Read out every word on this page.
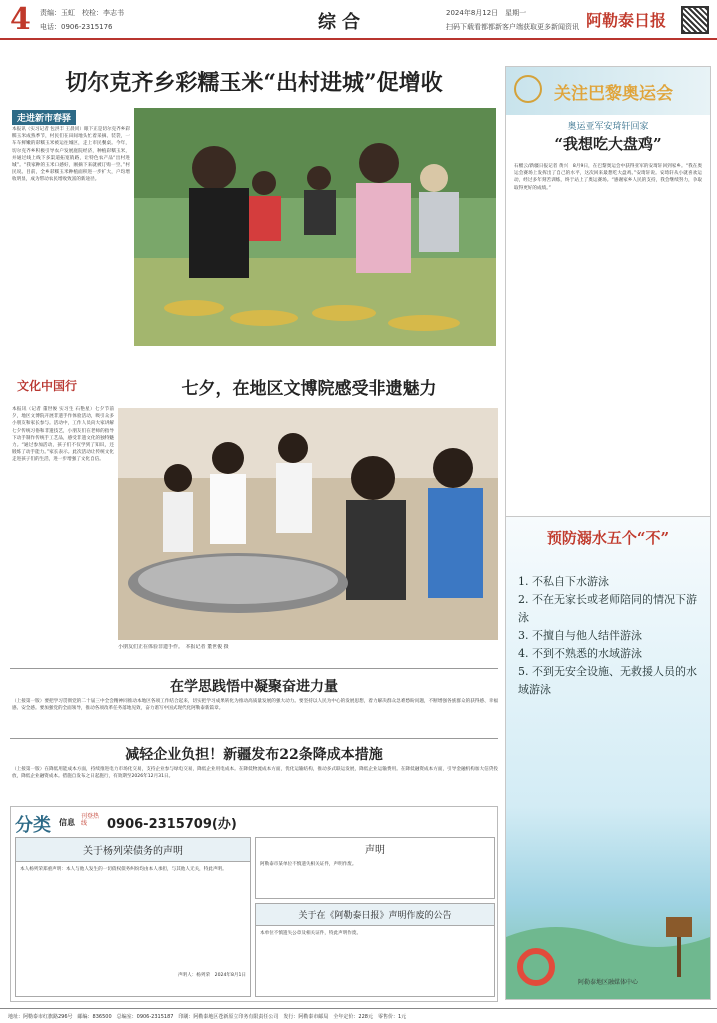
4 责编：玉虹　校检：李志书
电话：0906-2315176	综合	2024年8月12日　星期一
扫码下载看都都新客户端获取更多新闻资讯 阿勒泰日报
切尔克齐乡彩糯玉米“出村进城”促增收
走进新市春驿
本报讯（实习记者 包洪丰 王晨同）眼下正是切尔克齐乡彩糯玉米成熟季节，村民们在田间地头忙着采摘、装袋，一车车鲜嫩的彩糯玉米被运往城区，走上市民餐桌。今年，切尔克齐乡积极引导农户发展庭院经济，种植彩糯玉米，并通过线上线下多渠道拓宽销路，让特色农产品“出村进城”。“我家种的玉米口感好，刚摘下来就被订购一空。”村民说。目前，全乡彩糯玉米种植面积进一步扩大，户均增收明显，成为带动农民增收致富的新途径。
文化中国行	七夕，在地区文博院感受非遗魅力
本报讯（记者 董世俊 实习生 石艳星）七夕节前夕，地区文博院开展非遗手作体验活动，吸引众多小朋友和家长参与。活动中，工作人员向大家讲解七夕传统习俗和非遗技艺，小朋友们在老师的指导下动手制作传统手工艺品，感受非遗文化的独特魅力。“通过参加活动，孩子们不仅学到了知识，还锻炼了动手能力。”家长表示。此次活动让传统文化走进孩子们的生活，进一步增强了文化自信。
小朋友们正在体验非遗手作。　本报记者 董世俊 摄
在学思践悟中凝聚奋进力量
（上接第一版）要把学习贯彻党的二十届三中全会精神同推动本地区各项工作结合起来，切实把学习成果转化为推动高质量发展的强大动力。要坚持以人民为中心的发展思想，着力解决群众急难愁盼问题，不断增强各族群众的获得感、幸福感、安全感。要加强党的全面领导，推动各项改革任务落地见效，奋力谱写中国式现代化阿勒泰新篇章。
减轻企业负担！新疆发布22条降成本措施
（上接第一版）在降低用能成本方面，持续推进电力市场化交易，支持企业参与绿电交易，降低企业用电成本。在降低物流成本方面，优化运输结构，推动多式联运发展，降低企业运输费用。在降低融资成本方面，引导金融机构加大信贷投放，降低企业融资成本。措施自发布之日起施行，有效期至2026年12月31日。
分类 信息
刊登热线	0906-2315709(办)
关于杨列荣债务的声明
本人杨列荣郑重声明：本人与他人发生的一切债权债务纠纷均由本人承担，与其他人无关，特此声明。
声明人：杨列荣　2024年8月1日
声明
阿勒泰市某单位不慎遗失相关证件，声明作废。
关于在《阿勒泰日报》声明作废的公告
本单位不慎遗失公章及相关证件，特此声明作废。
关注巴黎奥运会
奥运亚军安琦轩回家
“我想吃大盘鸡”
石榴云/新疆日报记者 黄兴　8月9日，在巴黎奥运会中获得亚军的安琦轩回到家乡。“我在奥运会赛场上发挥出了自己的水平，这次回来最想吃大盘鸡。”安琦轩说。安琦轩从小就喜欢运动，经过多年刻苦训练，终于站上了奥运赛场。“感谢家乡人民的支持，我会继续努力，争取取得更好的成绩。”
预防溺水五个“不”
1. 不私自下水游泳
2. 不在无家长或老师陪同的情况下游泳
3. 不擅自与他人结伴游泳
4. 不到不熟悉的水域游泳
5. 不到无安全设施、无救援人员的水域游泳
阿勒泰地区融媒体中心
地址：阿勒泰市红旗路296号　邮编：836500　总编室：0906-2315187　印刷：阿勒泰地区苍新原立印务有限责任公司　发行：阿勒泰市邮局　全年定价：228元　零售价：1元
